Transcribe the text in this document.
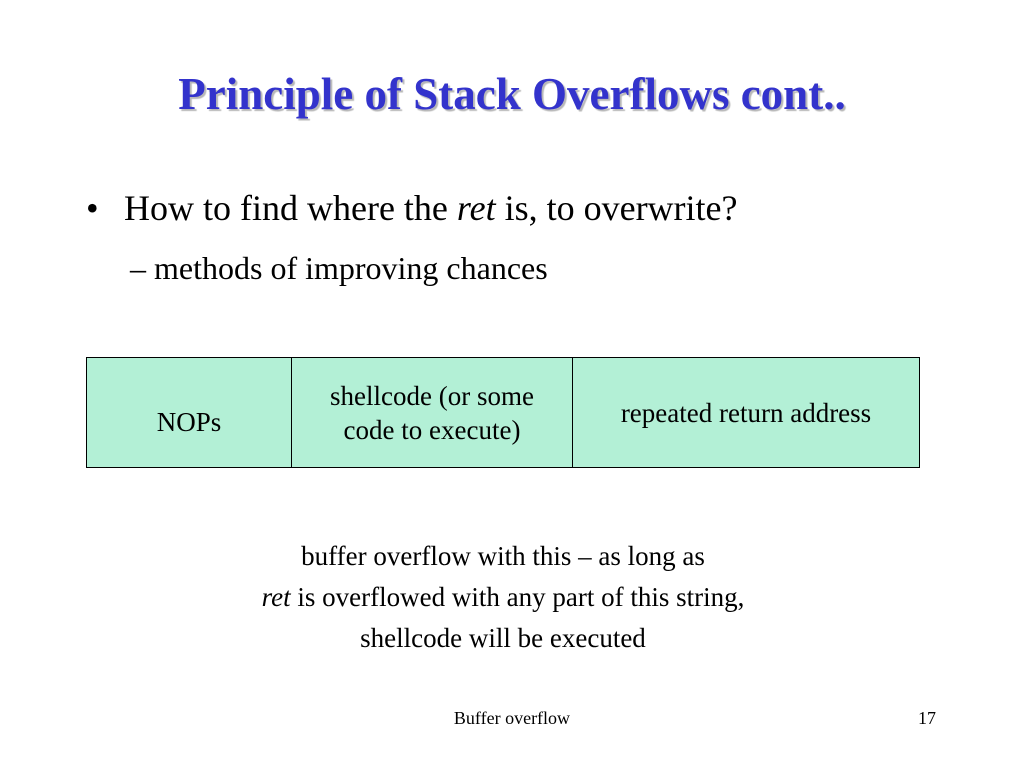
Principle of Stack Overflows cont..
• How to find where the ret is, to overwrite?
– methods of improving chances
NOPs
shellcode (or some
code to execute)
repeated return address
buffer overflow with this – as long as
ret is overflowed with any part of this string,
shellcode will be executed
Buffer overflow	17
